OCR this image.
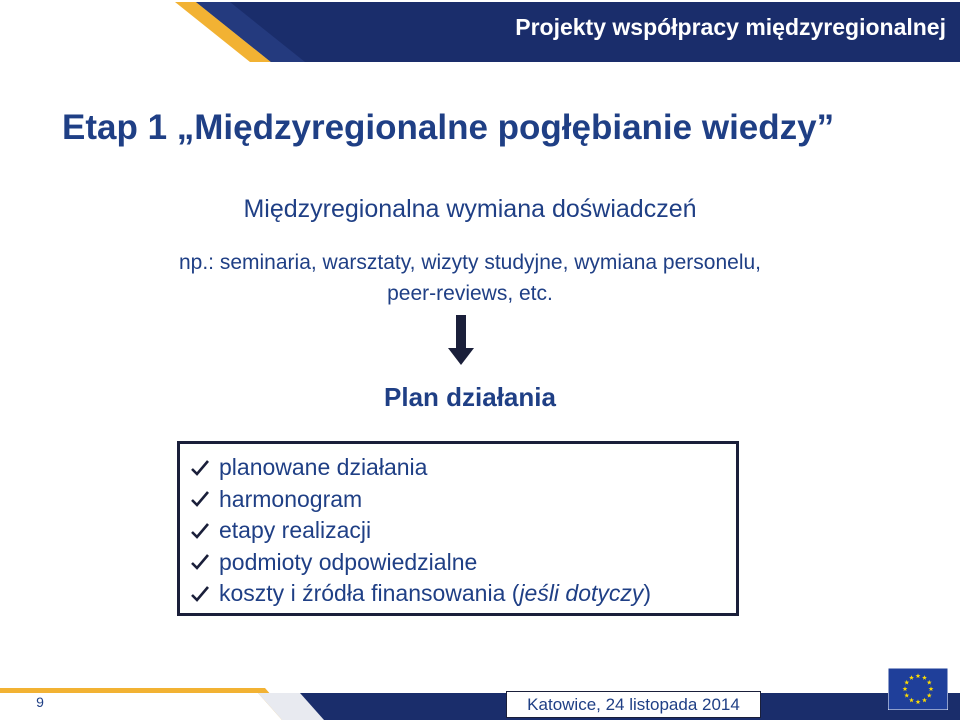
Projekty współpracy międzyregionalnej
Etap 1 „Międzyregionalne pogłębianie wiedzy”
Międzyregionalna wymiana doświadczeń
np.: seminaria, warsztaty, wizyty studyjne, wymiana personelu,
peer-reviews, etc.
Plan działania
planowane działania
harmonogram
etapy realizacji
podmioty odpowiedzialne
koszty i źródła finansowania ( jeśli dotyczy )
9	Katowice, 24 listopada 2014
